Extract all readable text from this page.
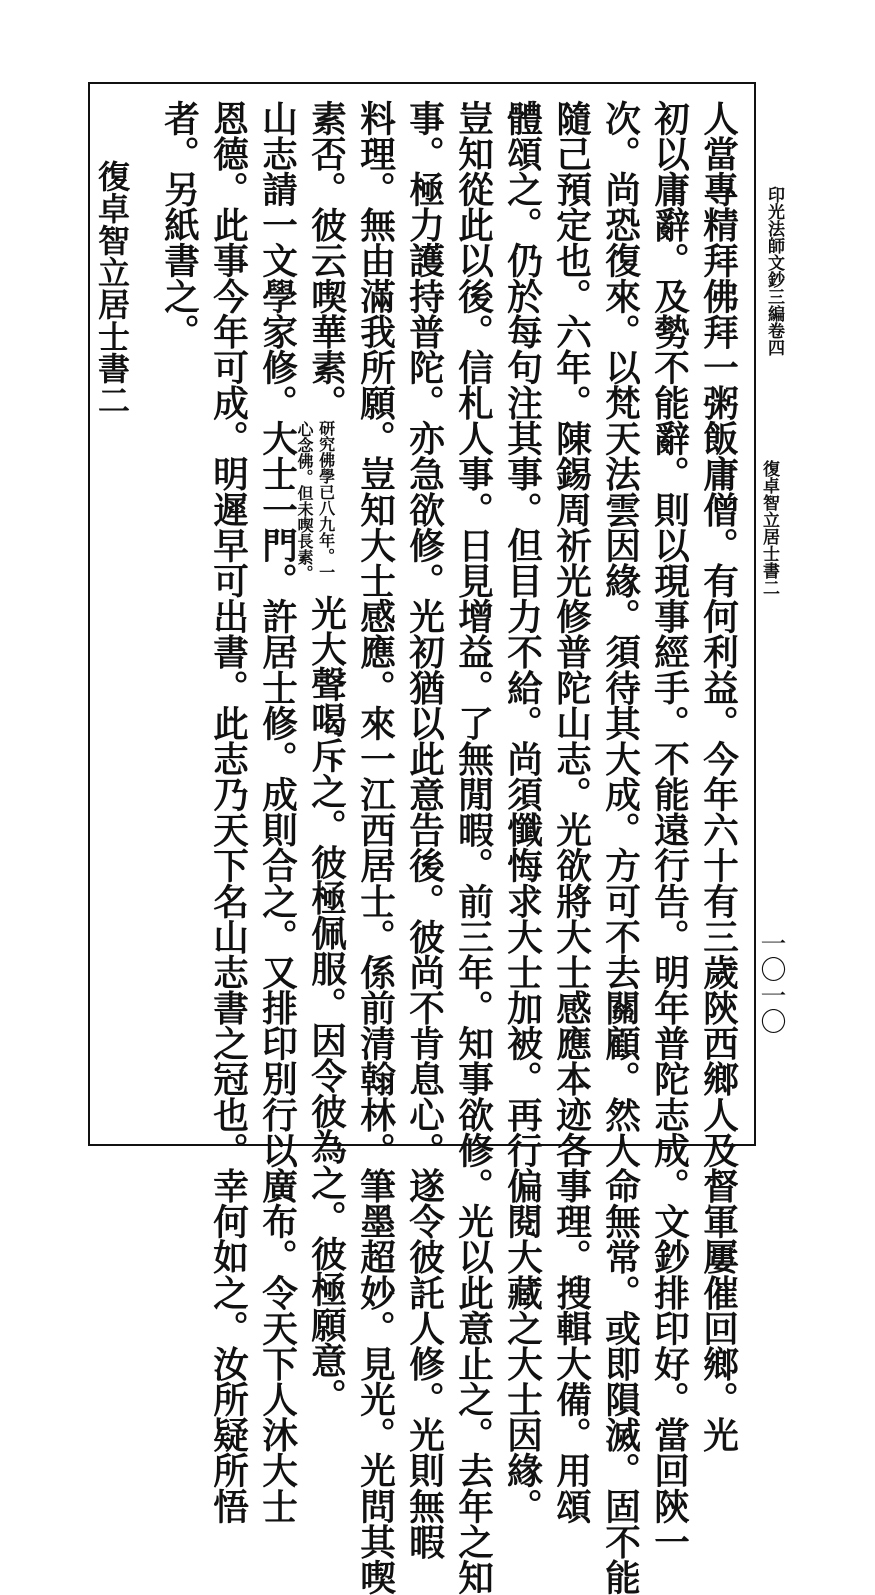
印光法師文鈔三編卷四
復卓智立居士書二
一〇一〇
人當專精拜佛拜一粥飯庸僧。有何利益。今年六十有三歲陝西鄉人及督軍屢催回鄉。光
初以庸辭。及勢不能辭。則以現事經手。不能遠行告。明年普陀志成。文鈔排印好。當回陝一
次。尚恐復來。以梵天法雲因緣。須待其大成。方可不去關顧。然人命無常。或即隕滅。固不能
隨己預定也。六年。陳錫周祈光修普陀山志。光欲將大士感應本迹各事理。搜輯大備。用頌
體頌之。仍於每句注其事。但目力不給。尚須懺悔求大士加被。再行偏閱大藏之大士因緣。
豈知從此以後。信札人事。日見增益。了無閒暇。前三年。知事欲修。光以此意止之。去年之知
事。極力護持普陀。亦急欲修。光初猶以此意告後。彼尚不肯息心。遂令彼託人修。光則無暇
料理。無由滿我所願。豈知大士感應。來一江西居士。係前清翰林。筆墨超妙。見光。光問其喫
素否。彼云喫華素。研究佛學已八九年。一
心念佛。但未喫長素。
光大聲喝斥之。彼極佩服。因令彼為之。彼極願意。
山志請一文學家修。大士一門。許居士修。成則合之。又排印別行以廣布。令天下人沐大士
恩德。此事今年可成。明遲早可出書。此志乃天下名山志書之冠也。幸何如之。汝所疑所悟
者。另紙書之。
復卓智立居士書二
